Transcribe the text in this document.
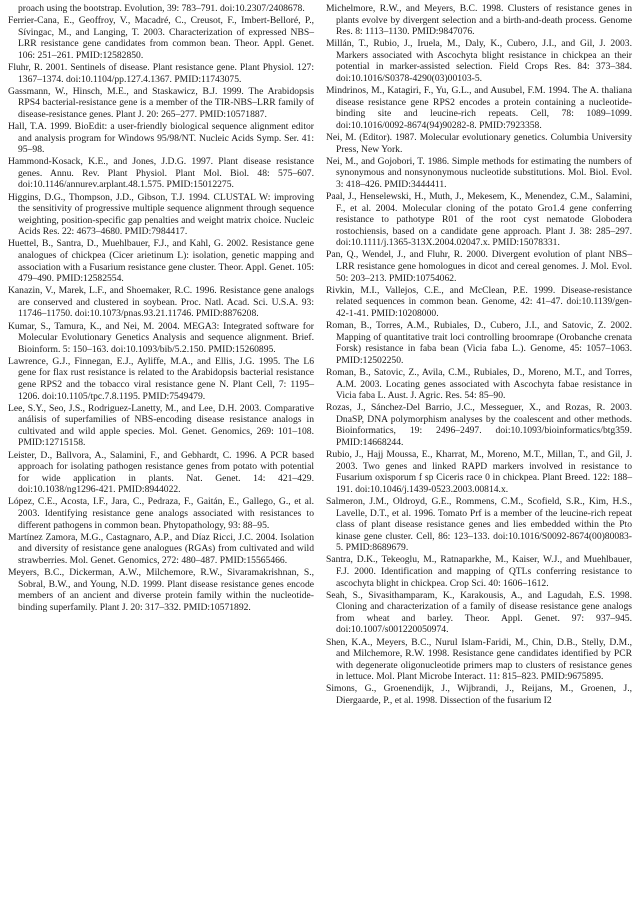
proach using the bootstrap. Evolution, 39: 783–791. doi:10.2307/2408678.

Ferrier-Cana, E., Geoffroy, V., Macadré, C., Creusot, F., Imbert-Belloré, P., Sívingac, M., and Langing, T. 2003. Characterization of expressed NBS–LRR resistance gene candidates from common bean. Theor. Appl. Genet. 106: 251–261. PMID:12582850.

Fluhr, R. 2001. Sentinels of disease. Plant resistance gene. Plant Physiol. 127: 1367–1374. doi:10.1104/pp.127.4.1367. PMID:11743075.

Gassmann, W., Hinsch, M.E., and Staskawicz, B.J. 1999. The Arabidopsis RPS4 bacterial-resistance gene is a member of the TIR-NBS–LRR family of disease-resistance genes. Plant J. 20: 265–277. PMID:10571887.

Hall, T.A. 1999. BioEdit: a user-friendly biological sequence alignment editor and analysis program for Windows 95/98/NT. Nucleic Acids Symp. Ser. 41: 95–98.

Hammond-Kosack, K.E., and Jones, J.D.G. 1997. Plant disease resistance genes. Annu. Rev. Plant Physiol. Plant Mol. Biol. 48: 575–607. doi:10.1146/annurev.arplant.48.1.575. PMID:15012275.

Higgins, D.G., Thompson, J.D., Gibson, T.J. 1994. CLUSTAL W: improving the sensitivity of progressive multiple sequence alignment through sequence weighting, position-specific gap penalties and weight matrix choice. Nucleic Acids Res. 22: 4673–4680. PMID:7984417.

Huettel, B., Santra, D., Muehlbauer, F.J., and Kahl, G. 2002. Resistance gene analogues of chickpea (Cicer arietinum L): isolation, genetic mapping and association with a Fusarium resistance gene cluster. Theor. Appl. Genet. 105: 479–490. PMID:12582554.

Kanazin, V., Marek, L.F., and Shoemaker, R.C. 1996. Resistance gene analogs are conserved and clustered in soybean. Proc. Natl. Acad. Sci. U.S.A. 93: 11746–11750. doi:10.1073/pnas.93.21.11746. PMID:8876208.

Kumar, S., Tamura, K., and Nei, M. 2004. MEGA3: Integrated software for Molecular Evolutionary Genetics Analysis and sequence alignment. Brief. Bioinform. 5: 150–163. doi:10.1093/bib/5.2.150. PMID:15260895.

Lawrence, G.J., Finnegan, E.J., Ayliffe, M.A., and Ellis, J.G. 1995. The L6 gene for flax rust resistance is related to the Arabidopsis bacterial resistance gene RPS2 and the tobacco viral resistance gene N. Plant Cell, 7: 1195–1206. doi:10.1105/tpc.7.8.1195. PMID:7549479.

Lee, S.Y., Seo, J.S., Rodriguez-Lanetty, M., and Lee, D.H. 2003. Comparative análisis of superfamilies of NBS-encoding disease resistance analogs in cultivated and wild apple species. Mol. Genet. Genomics, 269: 101–108. PMID:12715158.

Leister, D., Ballvora, A., Salamini, F., and Gebhardt, C. 1996. A PCR based approach for isolating pathogen resistance genes from potato with potential for wide application in plants. Nat. Genet. 14: 421–429. doi:10.1038/ng1296-421. PMID:8944022.

López, C.E., Acosta, I.F., Jara, C., Pedraza, F., Gaitán, E., Gallego, G., et al. 2003. Identifying resistance gene analogs associated with resistances to different pathogens in common bean. Phytopathology, 93: 88–95.

Martínez Zamora, M.G., Castagnaro, A.P., and Díaz Ricci, J.C. 2004. Isolation and diversity of resistance gene analogues (RGAs) from cultivated and wild strawberries. Mol. Genet. Genomics, 272: 480–487. PMID:15565466.

Meyers, B.C., Dickerman, A.W., Milchemore, R.W., Sivaramakrishnan, S., Sobral, B.W., and Young, N.D. 1999. Plant disease resistance genes encode members of an ancient and diverse protein family within the nucleotide-binding superfamily. Plant J. 20: 317–332. PMID:10571892.

Michelmore, R.W., and Meyers, B.C. 1998. Clusters of resistance genes in plants evolve by divergent selection and a birth-and-death process. Genome Res. 8: 1113–1130. PMID:9847076.

Millán, T., Rubio, J., Iruela, M., Daly, K., Cubero, J.I., and Gil, J. 2003. Markers associated with Ascochyta blight resistance in chickpea an their potential in marker-assisted selection. Field Crops Res. 84: 373–384. doi:10.1016/S0378-4290(03)00103-5.

Mindrinos, M., Katagiri, F., Yu, G.L., and Ausubel, F.M. 1994. The A. thaliana disease resistance gene RPS2 encodes a protein containing a nucleotide-binding site and leucine-rich repeats. Cell, 78: 1089–1099. doi:10.1016/0092-8674(94)90282-8. PMID:7923358.

Nei, M. (Editor). 1987. Molecular evolutionary genetics. Columbia University Press, New York.

Nei, M., and Gojobori, T. 1986. Simple methods for estimating the numbers of synonymous and nonsynonymous nucleotide substitutions. Mol. Biol. Evol. 3: 418–426. PMID:3444411.

Paal, J., Henselewski, H., Muth, J., Mekesem, K., Menendez, C.M., Salamini, F., et al. 2004. Molecular cloning of the potato Gro1.4 gene conferring resistance to pathotype R01 of the root cyst nematode Globodera rostochiensis, based on a candidate gene approach. Plant J. 38: 285–297. doi:10.1111/j.1365-313X.2004.02047.x. PMID:15078331.

Pan, Q., Wendel, J., and Fluhr, R. 2000. Divergent evolution of plant NBS–LRR resistance gene homologues in dicot and cereal genomes. J. Mol. Evol. 50: 203–213. PMID:10754062.

Rivkin, M.I., Vallejos, C.E., and McClean, P.E. 1999. Disease-resistance related sequences in common bean. Genome, 42: 41–47. doi:10.1139/gen-42-1-41. PMID:10208000.

Roman, B., Torres, A.M., Rubiales, D., Cubero, J.I., and Satovic, Z. 2002. Mapping of quantitative trait loci controlling broomrape (Orobanche crenata Forsk) resistance in faba bean (Vicia faba L.). Genome, 45: 1057–1063. PMID:12502250.

Roman, B., Satovic, Z., Avila, C.M., Rubiales, D., Moreno, M.T., and Torres, A.M. 2003. Locating genes associated with Ascochyta fabae resistance in Vicia faba L. Aust. J. Agric. Res. 54: 85–90.

Rozas, J., Sánchez-Del Barrio, J.C., Messeguer, X., and Rozas, R. 2003. DnaSP, DNA polymorphism analyses by the coalescent and other methods. Bioinformatics, 19: 2496–2497. doi:10.1093/bioinformatics/btg359. PMID:14668244.

Rubio, J., Hajj Moussa, E., Kharrat, M., Moreno, M.T., Millan, T., and Gil, J. 2003. Two genes and linked RAPD markers involved in resistance to Fusarium oxisporum f sp Ciceris race 0 in chickpea. Plant Breed. 122: 188–191. doi:10.1046/j.1439-0523.2003.00814.x.

Salmeron, J.M., Oldroyd, G.E., Rommens, C.M., Scofield, S.R., Kim, H.S., Lavelle, D.T., et al. 1996. Tomato Prf is a member of the leucine-rich repeat class of plant disease resistance genes and lies embedded within the Pto kinase gene cluster. Cell, 86: 123–133. doi:10.1016/S0092-8674(00)80083-5. PMID:8689679.

Santra, D.K., Tekeoglu, M., Ratnaparkhe, M., Kaiser, W.J., and Muehlbauer, F.J. 2000. Identification and mapping of QTLs conferring resistance to ascochyta blight in chickpea. Crop Sci. 40: 1606–1612.

Seah, S., Sivasithamparam, K., Karakousis, A., and Lagudah, E.S. 1998. Cloning and characterization of a family of disease resistance gene analogs from wheat and barley. Theor. Appl. Genet. 97: 937–945. doi:10.1007/s001220050974.

Shen, K.A., Meyers, B.C., Nurul Islam-Faridi, M., Chin, D.B., Stelly, D.M., and Milchemore, R.W. 1998. Resistance gene candidates identified by PCR with degenerate oligonucleotide primers map to clusters of resistance genes in lettuce. Mol. Plant Microbe Interact. 11: 815–823. PMID:9675895.

Simons, G., Groenendijk, J., Wijbrandi, J., Reijans, M., Groenen, J., Diergaarde, P., et al. 1998. Dissection of the fusarium I2
